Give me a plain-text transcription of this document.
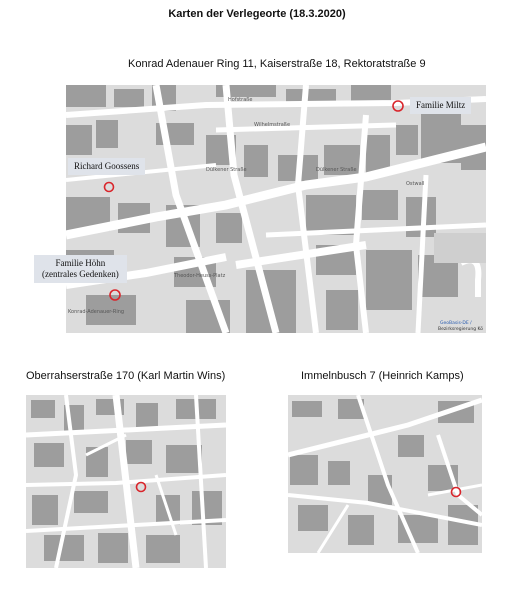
Karten der Verlegeorte (18.3.2020)
Konrad Adenauer Ring 11, Kaiserstraße 18, Rektoratstraße 9
Hofstraße
Wilhelmstraße
Dülkener Straße	Dülkener Straße
Ostwall
Konrad-Adenauer-Ring
Theodor-Heuss-Platz
GeoBasis-DE /
Bezirksregierung Kö
Familie Miltz
Richard Goossens
Familie Höhn
(zentrales Gedenken)
Oberrahserstraße 170 (Karl Martin Wins)	Immelnbusch 7 (Heinrich Kamps)
